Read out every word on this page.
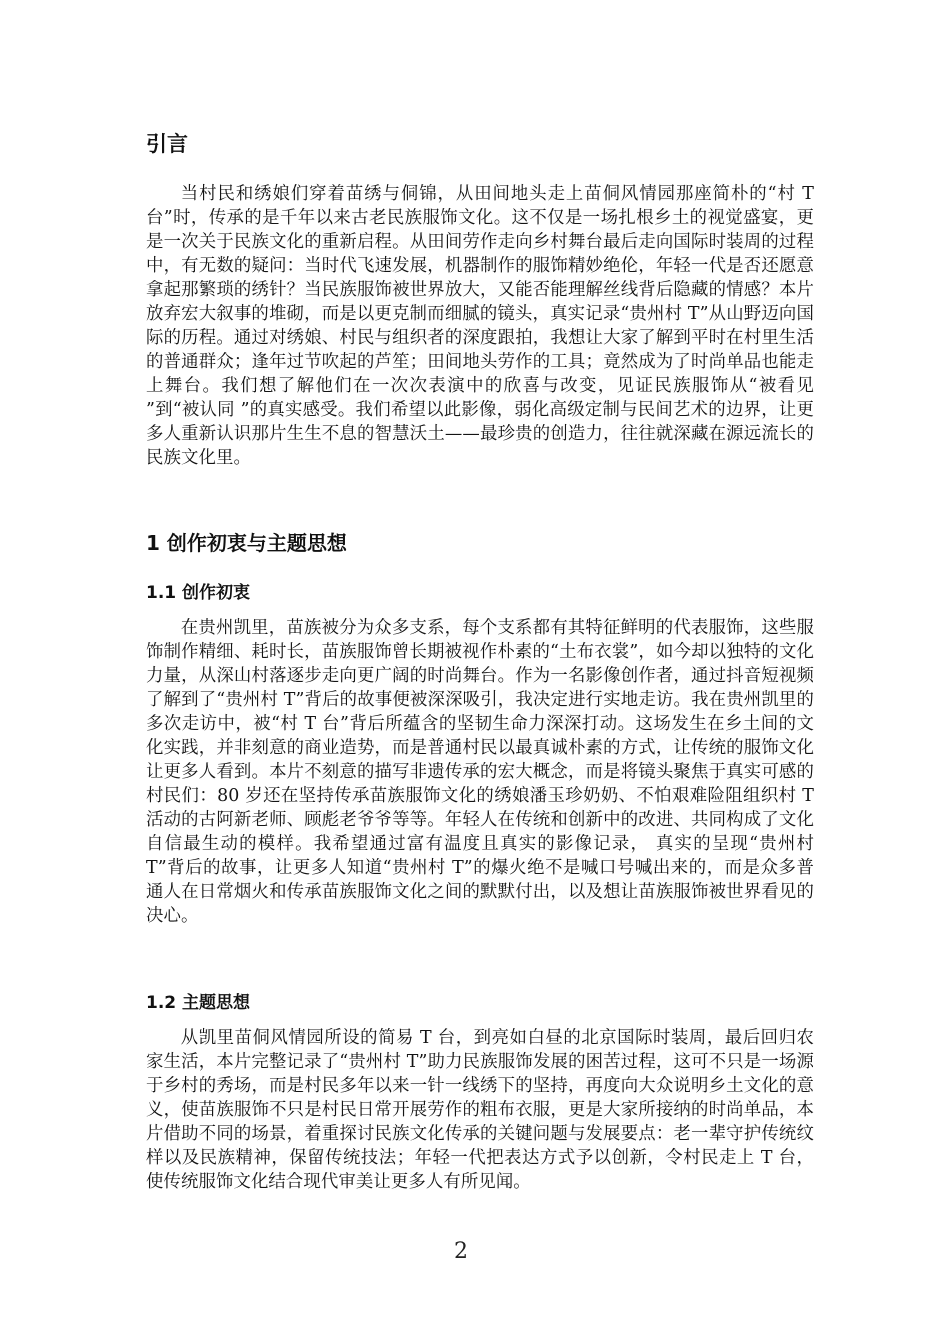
引言

当村民和绣娘们穿着苗绣与侗锦，从田间地头走上苗侗风情园那座简朴的“村 T 台”时，传承的是千年以来古老民族服饰文化。这不仅是一场扎根乡土的视觉盛宴，更是一次关于民族文化的重新启程。从田间劳作走向乡村舞台最后走向国际时装周的过程中，有无数的疑问：当时代飞速发展，机器制作的服饰精妙绝伦，年轻一代是否还愿意拿起那繁琐的绣针？当民族服饰被世界放大，又能否能理解丝线背后隐藏的情感？本片放弃宏大叙事的堆砌，而是以更克制而细腻的镜头，真实记录“贵州村 T”从山野迈向国际的历程。通过对绣娘、村民与组织者的深度跟拍，我想让大家了解到平时在村里生活的普通群众；逢年过节吹起的芦笙；田间地头劳作的工具；竟然成为了时尚单品也能走上舞台。我们想了解他们在一次次表演中的欣喜与改变，见证民族服饰从“被看见 ”到“被认同 ”的真实感受。我们希望以此影像，弱化高级定制与民间艺术的边界，让更多人重新认识那片生生不息的智慧沃土——最珍贵的创造力，往往就深藏在源远流长的民族文化里。

1 创作初衷与主题思想
1.1 创作初衷

在贵州凯里，苗族被分为众多支系，每个支系都有其特征鲜明的代表服饰，这些服饰制作精细、耗时长，苗族服饰曾长期被视作朴素的“土布衣裳”，如今却以独特的文化力量，从深山村落逐步走向更广阔的时尚舞台。作为一名影像创作者，通过抖音短视频了解到了“贵州村 T”背后的故事便被深深吸引，我决定进行实地走访。我在贵州凯里的多次走访中，被“村 T 台”背后所蕴含的坚韧生命力深深打动。这场发生在乡土间的文化实践，并非刻意的商业造势，而是普通村民以最真诚朴素的方式，让传统的服饰文化让更多人看到。本片不刻意的描写非遗传承的宏大概念，而是将镜头聚焦于真实可感的村民们：80 岁还在坚持传承苗族服饰文化的绣娘潘玉珍奶奶、不怕艰难险阻组织村 T 活动的古阿新老师、顾彪老爷爷等等。年轻人在传统和创新中的改进、共同构成了文化自信最生动的模样。我希望通过富有温度且真实的影像记录， 真实的呈现“贵州村 T”背后的故事，让更多人知道“贵州村 T”的爆火绝不是喊口号喊出来的，而是众多普通人在日常烟火和传承苗族服饰文化之间的默默付出，以及想让苗族服饰被世界看见的决心。

1.2 主题思想

从凯里苗侗风情园所设的简易 T 台，到亮如白昼的北京国际时装周，最后回归农家生活，本片完整记录了“贵州村 T”助力民族服饰发展的困苦过程，这可不只是一场源于乡村的秀场，而是村民多年以来一针一线绣下的坚持，再度向大众说明乡土文化的意义，使苗族服饰不只是村民日常开展劳作的粗布衣服，更是大家所接纳的时尚单品，本片借助不同的场景，着重探讨民族文化传承的关键问题与发展要点：老一辈守护传统纹样以及民族精神，保留传统技法；年轻一代把表达方式予以创新，令村民走上 T 台，使传统服饰文化结合现代审美让更多人有所见闻。

2
